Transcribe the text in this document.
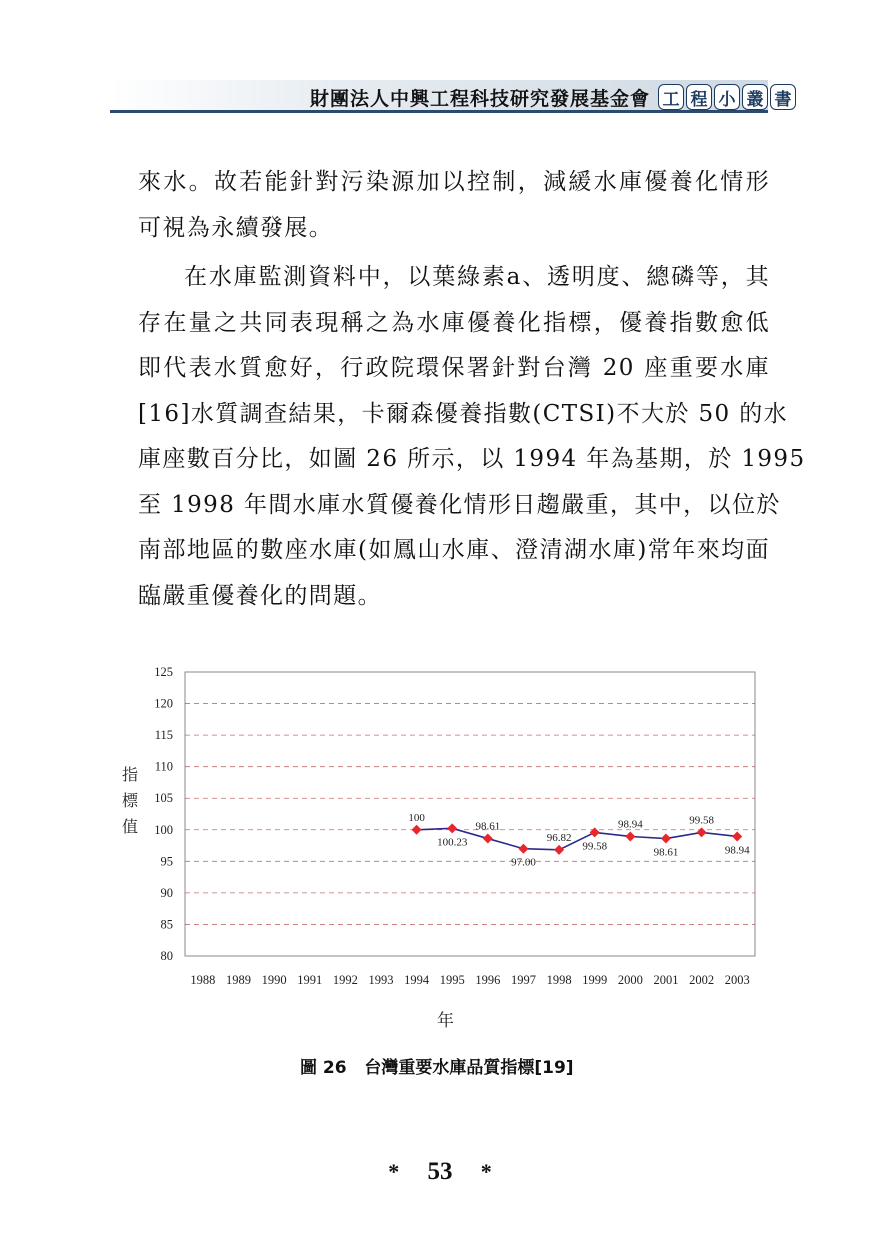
財團法人中興工程科技研究發展基金會 工 程 小 叢 書
來水。故若能針對污染源加以控制，減緩水庫優養化情形
可視為永續發展。
在水庫監測資料中，以葉綠素a、透明度、總磷等，其
存在量之共同表現稱之為水庫優養化指標，優養指數愈低
即代表水質愈好，行政院環保署針對台灣 20 座重要水庫
[16]水質調查結果，卡爾森優養指數(CTSI)不大於 50 的水
庫座數百分比，如圖 26 所示，以 1994 年為基期，於 1995
至 1998 年間水庫水質優養化情形日趨嚴重，其中，以位於
南部地區的數座水庫(如鳳山水庫、澄清湖水庫)常年來均面
臨嚴重優養化的問題。
指標值
80
85
90
95
100
105
110
115
120
125
1988 1989 1990 1991 1992 1993 1994 1995 1996 1997 1998 1999 2000 2001 2002 2003
100
100.23
98.61
97.00
96.82
99.58
98.94
98.61
99.58
98.94
年
圖 26 台灣重要水庫品質指標[19]
* 53 *
